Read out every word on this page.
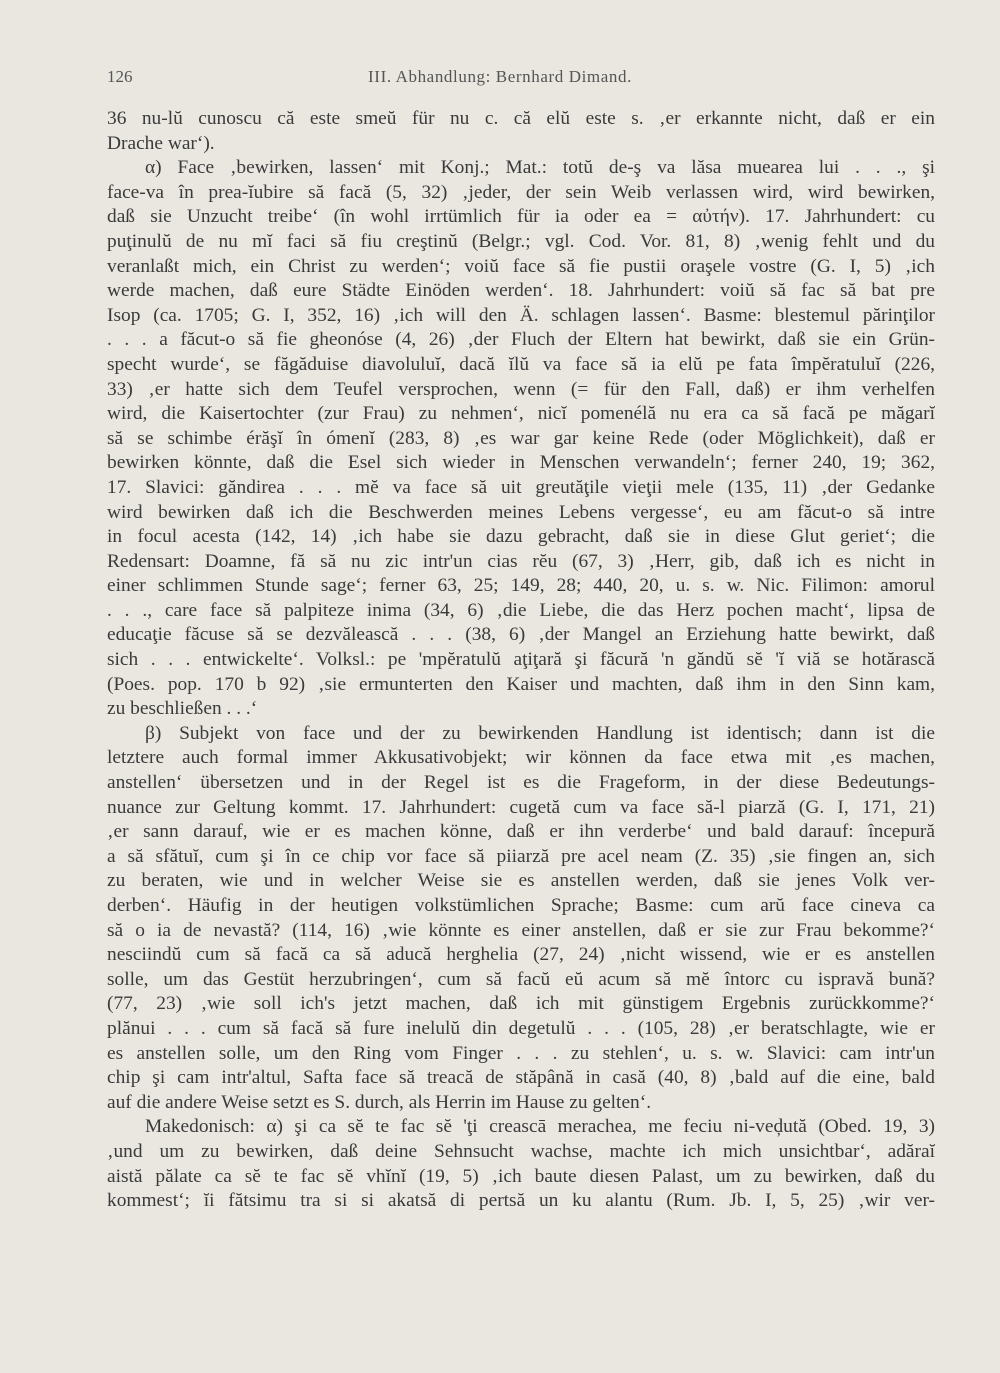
126	III. Abhandlung: Bernhard Dimand.
36 nu-lŭ cunoscu că este smeŭ für nu c. că elŭ este s. ‚er erkannte nicht, daß er ein
Drache war‘).
α) Face ‚bewirken, lassen‘ mit Konj.; Mat.: totŭ de-ş va lăsa muearea lui . . ., şi
face-va în prea-ĭubire să facă (5, 32) ‚jeder, der sein Weib verlassen wird, wird bewirken,
daß sie Unzucht treibe‘ (în wohl irrtümlich für ia oder ea = αὐτήν). 17. Jahrhundert: cu
puţinulŭ de nu mĭ faci să fiu creştinŭ (Belgr.; vgl. Cod. Vor. 81, 8) ‚wenig fehlt und du
veranlaßt mich, ein Christ zu werden‘; voiŭ face să fie pustii oraşele vostre (G. I, 5) ‚ich
werde machen, daß eure Städte Einöden werden‘. 18. Jahrhundert: voiŭ să fac să bat pre
Isop (ca. 1705; G. I, 352, 16) ‚ich will den Ä. schlagen lassen‘. Basme: blestemul părinţilor
. . . a făcut-o să fie gheonóse (4, 26) ‚der Fluch der Eltern hat bewirkt, daß sie ein Grün-
specht wurde‘, se făgăduise diavoluluĭ, dacă ĭlŭ va face să ia elŭ pe fata împĕratuluĭ (226,
33) ‚er hatte sich dem Teufel versprochen, wenn (= für den Fall, daß) er ihm verhelfen
wird, die Kaisertochter (zur Frau) zu nehmen‘, nicĭ pomenélă nu era ca să facă pe măgarĭ
să se schimbe érăşĭ în ómenĭ (283, 8) ‚es war gar keine Rede (oder Möglichkeit), daß er
bewirken könnte, daß die Esel sich wieder in Menschen verwandeln‘; ferner 240, 19; 362,
17. Slavici: găndirea . . . mĕ va face să uit greutăţile vieţii mele (135, 11) ‚der Gedanke
wird bewirken daß ich die Beschwerden meines Lebens vergesse‘, eu am făcut-o să intre
in focul acesta (142, 14) ‚ich habe sie dazu gebracht, daß sie in diese Glut geriet‘; die
Redensart: Doamne, fă să nu zic intr'un cias rĕu (67, 3) ‚Herr, gib, daß ich es nicht in
einer schlimmen Stunde sage‘; ferner 63, 25; 149, 28; 440, 20, u. s. w. Nic. Filimon: amorul
. . ., care face să palpiteze inima (34, 6) ‚die Liebe, die das Herz pochen macht‘, lipsa de
educaţie făcuse să se dezvălească . . . (38, 6) ‚der Mangel an Erziehung hatte bewirkt, daß
sich . . . entwickelte‘. Volksl.: pe 'mpĕratulŭ aţiţară şi făcură 'n găndŭ sĕ 'ĭ viă se hotărască
(Poes. pop. 170 b 92) ‚sie ermunterten den Kaiser und machten, daß ihm in den Sinn kam,
zu beschließen . . .‘
β) Subjekt von face und der zu bewirkenden Handlung ist identisch; dann ist die
letztere auch formal immer Akkusativobjekt; wir können da face etwa mit ‚es machen,
anstellen‘ übersetzen und in der Regel ist es die Frageform, in der diese Bedeutungs-
nuance zur Geltung kommt. 17. Jahrhundert: cugetă cum va face să-l piarză (G. I, 171, 21)
‚er sann darauf, wie er es machen könne, daß er ihn verderbe‘ und bald darauf: începură
a să sfătuĭ, cum şi în ce chip vor face să piiarză pre acel neam (Z. 35) ‚sie fingen an, sich
zu beraten, wie und in welcher Weise sie es anstellen werden, daß sie jenes Volk ver-
derben‘. Häufig in der heutigen volkstümlichen Sprache; Basme: cum arŭ face cineva ca
să o ia de nevastă? (114, 16) ‚wie könnte es einer anstellen, daß er sie zur Frau bekomme?‘
nesciindŭ cum să facă ca să aducă herghelia (27, 24) ‚nicht wissend, wie er es anstellen
solle, um das Gestüt herzubringen‘, cum să facŭ eŭ acum să mĕ întorc cu ispravă bună?
(77, 23) ‚wie soll ich's jetzt machen, daß ich mit günstigem Ergebnis zurückkomme?‘
plănui . . . cum să facă să fure inelulŭ din degetulŭ . . . (105, 28) ‚er beratschlagte, wie er
es anstellen solle, um den Ring vom Finger . . . zu stehlen‘, u. s. w. Slavici: cam intr'un
chip şi cam intr'altul, Safta face să treacă de stăpână in casă (40, 8) ‚bald auf die eine, bald
auf die andere Weise setzt es S. durch, als Herrin im Hause zu gelten‘.
Makedonisch: α) şi ca sĕ te fac sĕ 'ţi creascā merachea, me feciu ni-veḑută (Obed. 19, 3)
‚und um zu bewirken, daß deine Sehnsucht wachse, machte ich mich unsichtbar‘, adăraĭ
aistă pălate ca sĕ te fac sĕ vhĭnĭ (19, 5) ‚ich baute diesen Palast, um zu bewirken, daß du
kommest‘; ĭi fătsimu tra si si akatsă di pertsă un ku alantu (Rum. Jb. I, 5, 25) ‚wir ver-
